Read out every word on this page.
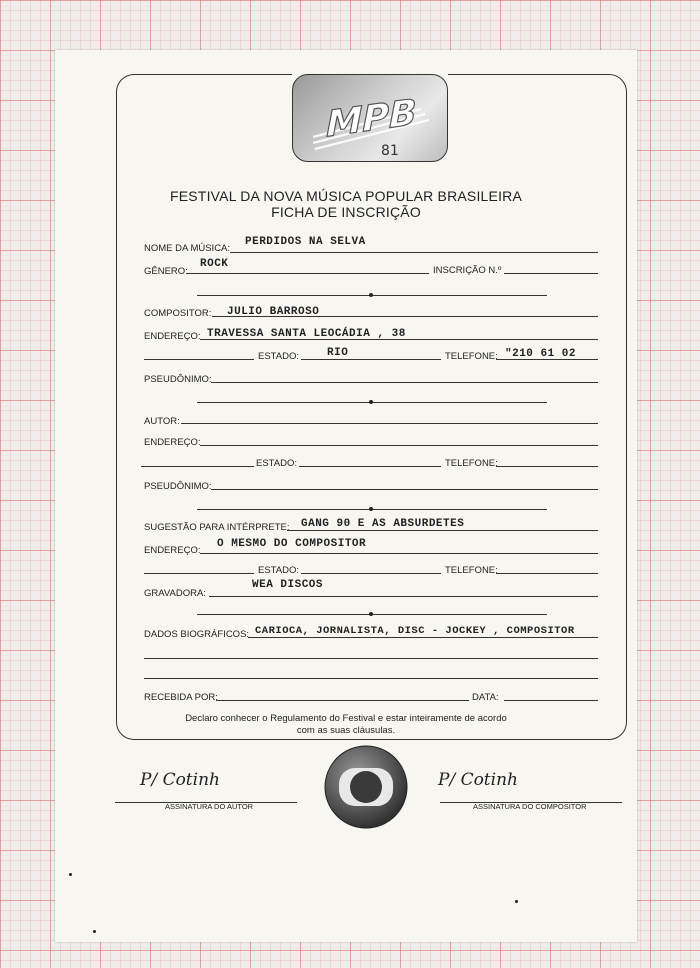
MPB
81
FESTIVAL DA NOVA MÚSICA POPULAR BRASILEIRA
FICHA DE INSCRIÇÃO
NOME DA MÚSICA:
PERDIDOS NA SELVA
GÊNERO:
ROCK
INSCRIÇÃO N.º
COMPOSITOR: JULIO BARROSO
ENDEREÇO: TRAVESSA SANTA LEOCÁDIA , 38
ESTADO:	RIO	TELEFONE: "210 61 02
PSEUDÔNIMO:
AUTOR:
ENDEREÇO:
ESTADO:	TELEFONE:
PSEUDÔNIMO:
SUGESTÃO PARA INTÉRPRETE: GANG 90 E AS ABSURDETES
ENDEREÇO:
O MESMO DO COMPOSITOR
ESTADO:	TELEFONE:
GRAVADORA:
WEA DISCOS
DADOS BIOGRÁFICOS: CARIOCA, JORNALISTA, DISC - JOCKEY , COMPOSITOR
RECEBIDA POR:	DATA:
Declaro conhecer o Regulamento do Festival e estar inteiramente de acordo
com as suas cláusulas.
P/ Cotinh
ASSINATURA DO AUTOR
P/ Cotinh
ASSINATURA DO COMPOSITOR
